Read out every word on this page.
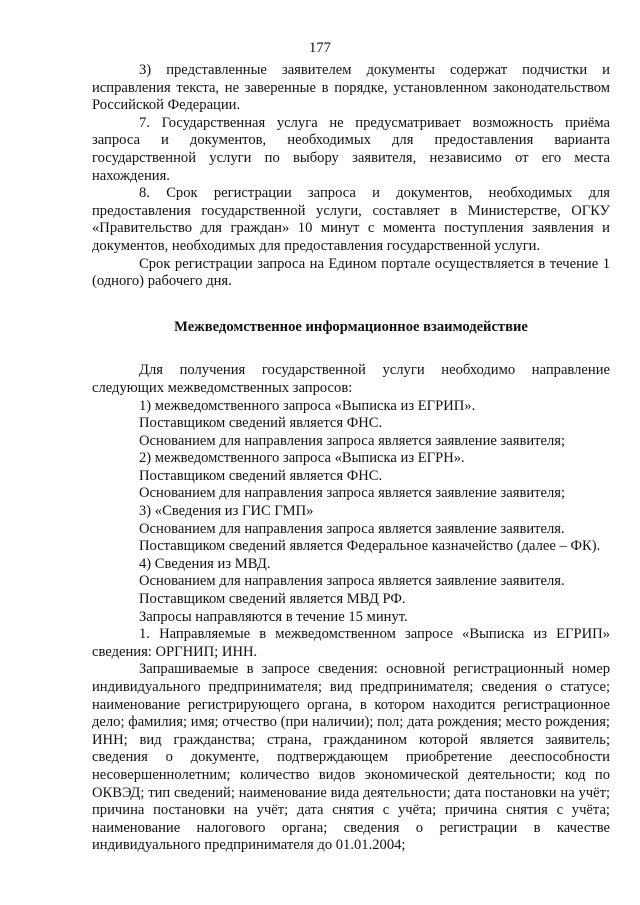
177

3) представленные заявителем документы содержат подчистки и исправления текста, не заверенные в порядке, установленном законодательством Российской Федерации.

7. Государственная услуга не предусматривает возможность приёма запроса и документов, необходимых для предоставления варианта государственной услуги по выбору заявителя, независимо от его места нахождения.

8. Срок регистрации запроса и документов, необходимых для предоставления государственной услуги, составляет в Министерстве, ОГКУ «Правительство для граждан» 10 минут с момента поступления заявления и документов, необходимых для предоставления государственной услуги.

Срок регистрации запроса на Едином портале осуществляется в течение 1 (одного) рабочего дня.

Межведомственное информационное взаимодействие

Для получения государственной услуги необходимо направление следующих межведомственных запросов:

1) межведомственного запроса «Выписка из ЕГРИП».

Поставщиком сведений является ФНС.

Основанием для направления запроса является заявление заявителя;

2) межведомственного запроса «Выписка из ЕГРН».

Поставщиком сведений является ФНС.

Основанием для направления запроса является заявление заявителя;

3) «Сведения из ГИС ГМП»

Основанием для направления запроса является заявление заявителя.

Поставщиком сведений является Федеральное казначейство (далее – ФК).

4) Сведения из МВД.

Основанием для направления запроса является заявление заявителя.

Поставщиком сведений является МВД РФ.

Запросы направляются в течение 15 минут.

1. Направляемые в межведомственном запросе «Выписка из ЕГРИП» сведения: ОРГНИП; ИНН.

Запрашиваемые в запросе сведения: основной регистрационный номер индивидуального предпринимателя; вид предпринимателя; сведения о статусе; наименование регистрирующего органа, в котором находится регистрационное дело; фамилия; имя; отчество (при наличии); пол; дата рождения; место рождения; ИНН; вид гражданства; страна, гражданином которой является заявитель; сведения о документе, подтверждающем приобретение дееспособности несовершеннолетним; количество видов экономической деятельности; код по ОКВЭД; тип сведений; наименование вида деятельности; дата постановки на учёт; причина постановки на учёт; дата снятия с учёта; причина снятия с учёта; наименование налогового органа; сведения о регистрации в качестве индивидуального предпринимателя до 01.01.2004;
